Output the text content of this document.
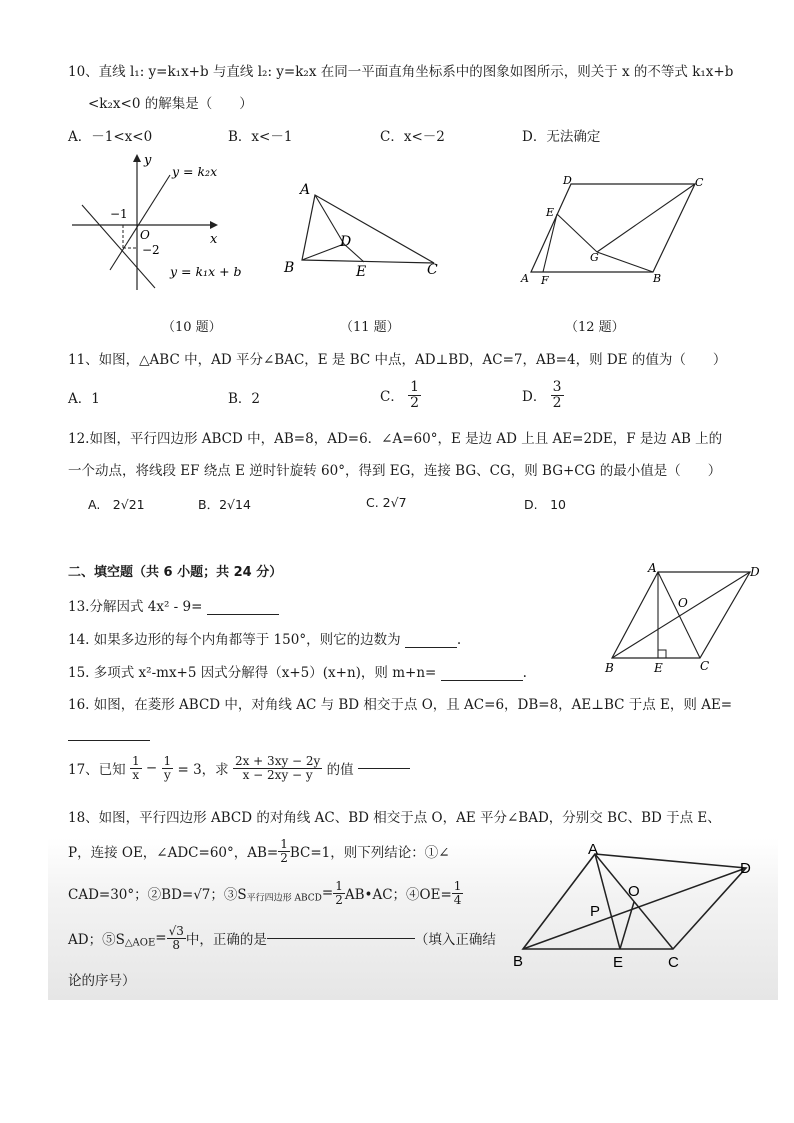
10、直线 l₁: y=k₁x+b 与直线 l₂: y=k₂x 在同一平面直角坐标系中的图象如图所示，则关于 x 的不等式 k₁x+b
<k₂x<0 的解集是（　　）
A．－1<x<0	B．x<－1	C．x<－2	D．无法确定
y
x
O
−1
−2
y = k₂x
y = k₁x + b
A
B	C
D
E
D	C
E
G
A F	B
（10 题）	（11 题）	（12 题）
11、如图，△ABC 中，AD 平分∠BAC，E 是 BC 中点，AD⊥BD，AC=7，AB=4，则 DE 的值为（　　）
A．1	B．2	C． $\frac{1}{2}$	D． $\frac{3}{2}$
12.如图，平行四边形 ABCD 中，AB=8，AD=6．∠A=60°，E 是边 AD 上且 AE=2DE，F 是边 AB 上的
一个动点，将线段 EF 绕点 E 逆时针旋转 60°，得到 EG，连接 BG、CG，则 BG+CG 的最小值是（　　）
A.　2√21	B．2√14	C. 2√7	D.　10
二、填空题（共 6 小题；共 24 分）	A	D
O
B	E	C
13.分解因式 4x² - 9=
14. 如果多边形的每个内角都等于 150°，则它的边数为	.
15. 多项式 x²-mx+5 因式分解得（x+5）(x+n)，则 m+n=	.
16. 如图，在菱形 ABCD 中，对角线 AC 与 BD 相交于点 O，且 AC=6，DB=8，AE⊥BC 于点 E，则 AE=
17、已知 $\frac{1}{x} - \frac{1}{y} = 3$，求 $\frac{2x + 3xy - 2y}{x - 2xy - y}$ 的值
18、如图，平行四边形 ABCD 的对角线 AC、BD 相交于点 O，AE 平分∠BAD，分别交 BC、BD 于点 E、
P，连接 OE，∠ADC=60°，$AB= \frac{1}{2} BC=1$，则下列结论：①∠
CAD=30°；②BD=√7；$③S_{平行四边形 ABCD}= \frac{1}{2}$ AB•AC；④OE= $\frac{1}{4}$
AD；$⑤S_{\triangle AOE}= \frac{√3}{8}$ 中，正确的是	（填入正确结
论的序号）
A
D
O
P
B	E	C
